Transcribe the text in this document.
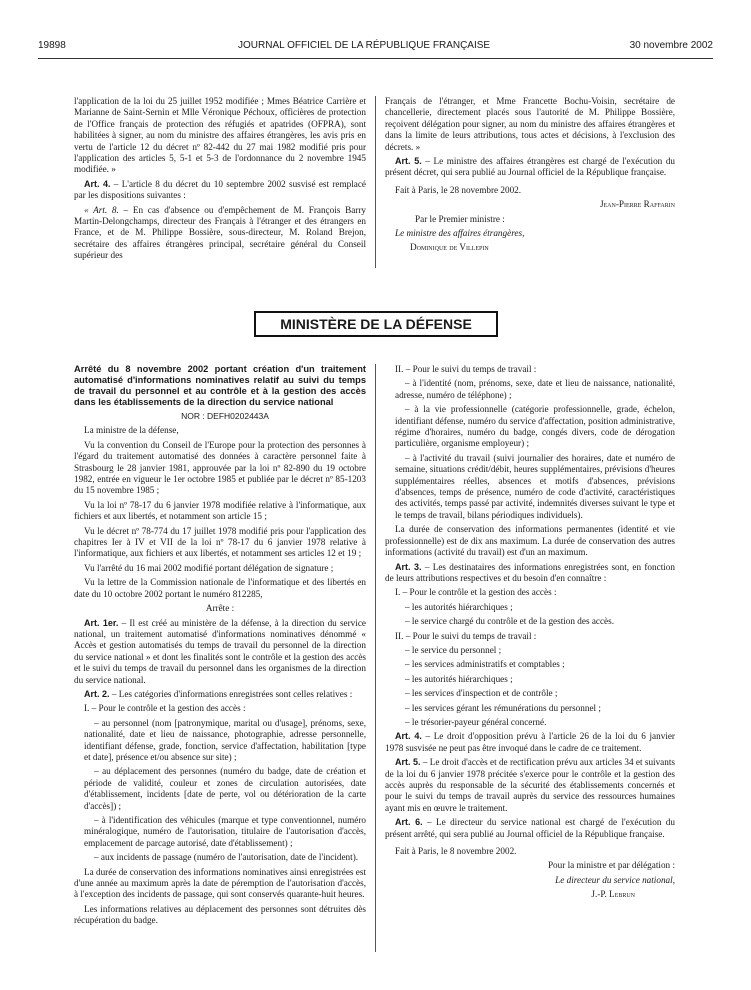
19898	JOURNAL OFFICIEL DE LA RÉPUBLIQUE FRANÇAISE	30 novembre 2002

l'application de la loi du 25 juillet 1952 modifiée ; Mmes Béatrice Carrière et Marianne de Saint-Sernin et Mlle Véronique Péchoux, officières de protection de l'Office français de protection des réfugiés et apatrides (OFPRA), sont habilitées à signer, au nom du ministre des affaires étrangères, les avis pris en vertu de l'article 12 du décret nº 82-442 du 27 mai 1982 modifié pris pour l'application des articles 5, 5-1 et 5-3 de l'ordonnance du 2 novembre 1945 modifiée. »

Art. 4. – L'article 8 du décret du 10 septembre 2002 susvisé est remplacé par les dispositions suivantes :

« Art. 8. – En cas d'absence ou d'empêchement de M. François Barry Martin-Delongchamps, directeur des Français à l'étranger et des étrangers en France, et de M. Philippe Bossière, sous-directeur, M. Roland Brejon, secrétaire des affaires étrangères principal, secrétaire général du Conseil supérieur des

Français de l'étranger, et Mme Francette Bochu-Voisin, secrétaire de chancellerie, directement placés sous l'autorité de M. Philippe Bossière, reçoivent délégation pour signer, au nom du ministre des affaires étrangères et dans la limite de leurs attributions, tous actes et décisions, à l'exclusion des décrets. »

Art. 5. – Le ministre des affaires étrangères est chargé de l'exécution du présent décret, qui sera publié au Journal officiel de la République française.

Fait à Paris, le 28 novembre 2002.

Jean-Pierre Raffarin

Par le Premier ministre :

Le ministre des affaires étrangères,

Dominique de Villepin

MINISTÈRE DE LA DÉFENSE

Arrêté du 8 novembre 2002 portant création d'un traitement automatisé d'informations nominatives relatif au suivi du temps de travail du personnel et au contrôle et à la gestion des accès dans les établissements de la direction du service national

NOR : DEFH0202443A

La ministre de la défense,

Vu la convention du Conseil de l'Europe pour la protection des personnes à l'égard du traitement automatisé des données à caractère personnel faite à Strasbourg le 28 janvier 1981, approuvée par la loi nº 82-890 du 19 octobre 1982, entrée en vigueur le 1er octobre 1985 et publiée par le décret nº 85-1203 du 15 novembre 1985 ;

Vu la loi nº 78-17 du 6 janvier 1978 modifiée relative à l'informatique, aux fichiers et aux libertés, et notamment son article 15 ;

Vu le décret nº 78-774 du 17 juillet 1978 modifié pris pour l'application des chapitres Ier à IV et VII de la loi nº 78-17 du 6 janvier 1978 relative à l'informatique, aux fichiers et aux libertés, et notamment ses articles 12 et 19 ;

Vu l'arrêté du 16 mai 2002 modifié portant délégation de signature ;

Vu la lettre de la Commission nationale de l'informatique et des libertés en date du 10 octobre 2002 portant le numéro 812285,

Arrête :

Art. 1er. – Il est créé au ministère de la défense, à la direction du service national, un traitement automatisé d'informations nominatives dénommé « Accès et gestion automatisés du temps de travail du personnel de la direction du service national » et dont les finalités sont le contrôle et la gestion des accès et le suivi du temps de travail du personnel dans les organismes de la direction du service national.

Art. 2. – Les catégories d'informations enregistrées sont celles relatives :

I. – Pour le contrôle et la gestion des accès :

– au personnel (nom [patronymique, marital ou d'usage], prénoms, sexe, nationalité, date et lieu de naissance, photographie, adresse personnelle, identifiant défense, grade, fonction, service d'affectation, habilitation [type et date], présence et/ou absence sur site) ;

– au déplacement des personnes (numéro du badge, date de création et période de validité, couleur et zones de circulation autorisées, date d'établissement, incidents [date de perte, vol ou détérioration de la carte d'accès]) ;

– à l'identification des véhicules (marque et type conventionnel, numéro minéralogique, numéro de l'autorisation, titulaire de l'autorisation d'accès, emplacement de parcage autorisé, date d'établissement) ;

– aux incidents de passage (numéro de l'autorisation, date de l'incident).

La durée de conservation des informations nominatives ainsi enregistrées est d'une année au maximum après la date de péremption de l'autorisation d'accès, à l'exception des incidents de passage, qui sont conservés quarante-huit heures.

Les informations relatives au déplacement des personnes sont détruites dès récupération du badge.

II. – Pour le suivi du temps de travail :

– à l'identité (nom, prénoms, sexe, date et lieu de naissance, nationalité, adresse, numéro de téléphone) ;

– à la vie professionnelle (catégorie professionnelle, grade, échelon, identifiant défense, numéro du service d'affectation, position administrative, régime d'horaires, numéro du badge, congés divers, code de dérogation particulière, organisme employeur) ;

– à l'activité du travail (suivi journalier des horaires, date et numéro de semaine, situations crédit/débit, heures supplémentaires, prévisions d'heures supplémentaires réelles, absences et motifs d'absences, prévisions d'absences, temps de présence, numéro de code d'activité, caractéristiques des activités, temps passé par activité, indemnités diverses suivant le type et le temps de travail, bilans périodiques individuels).

La durée de conservation des informations permanentes (identité et vie professionnelle) est de dix ans maximum. La durée de conservation des autres informations (activité du travail) est d'un an maximum.

Art. 3. – Les destinataires des informations enregistrées sont, en fonction de leurs attributions respectives et du besoin d'en connaître :

I. – Pour le contrôle et la gestion des accès :

– les autorités hiérarchiques ;

– le service chargé du contrôle et de la gestion des accès.

II. – Pour le suivi du temps de travail :

– le service du personnel ;

– les services administratifs et comptables ;

– les autorités hiérarchiques ;

– les services d'inspection et de contrôle ;

– les services gérant les rémunérations du personnel ;

– le trésorier-payeur général concerné.

Art. 4. – Le droit d'opposition prévu à l'article 26 de la loi du 6 janvier 1978 susvisée ne peut pas être invoqué dans le cadre de ce traitement.

Art. 5. – Le droit d'accès et de rectification prévu aux articles 34 et suivants de la loi du 6 janvier 1978 précitée s'exerce pour le contrôle et la gestion des accès auprès du responsable de la sécurité des établissements concernés et pour le suivi du temps de travail auprès du service des ressources humaines ayant mis en œuvre le traitement.

Art. 6. – Le directeur du service national est chargé de l'exécution du présent arrêté, qui sera publié au Journal officiel de la République française.

Fait à Paris, le 8 novembre 2002.

Pour la ministre et par délégation :

Le directeur du service national,

J.-P. Lebrun
